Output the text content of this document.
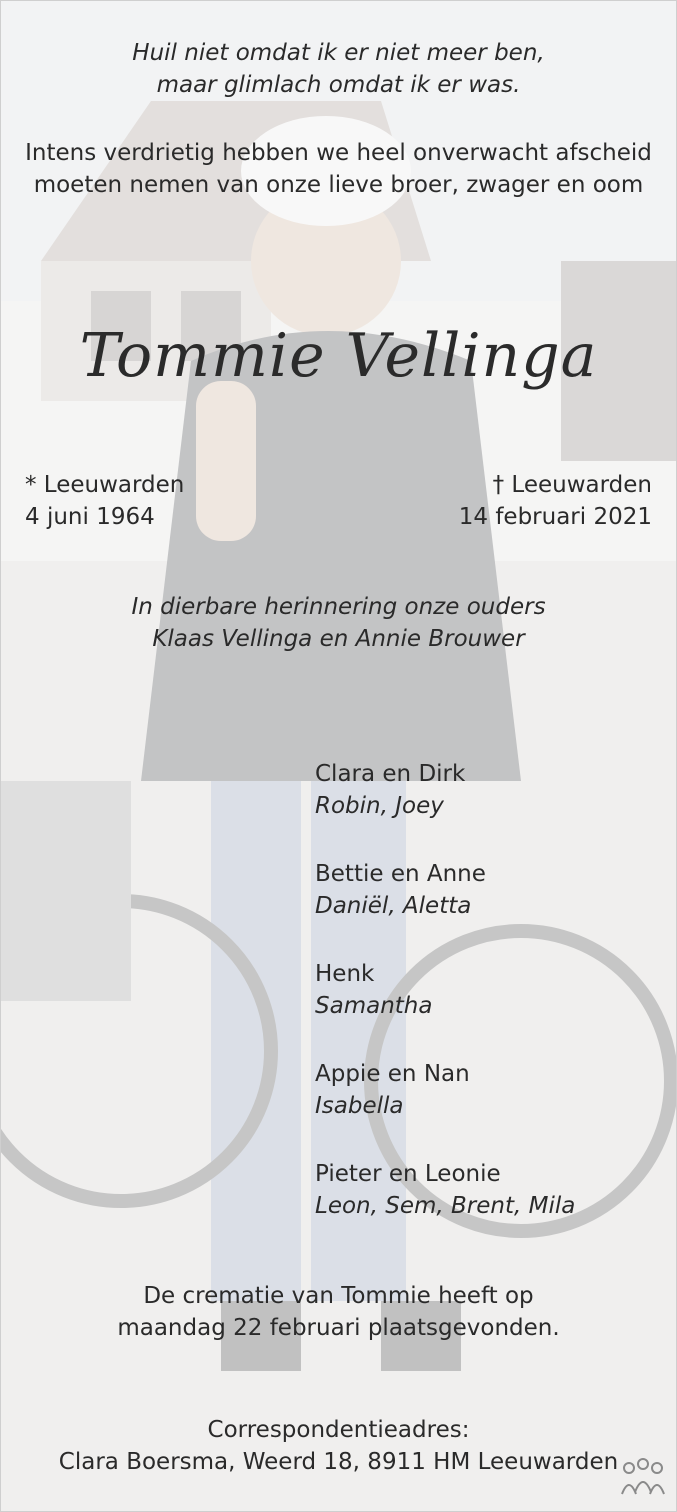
Huil niet omdat ik er niet meer ben,
maar glimlach omdat ik er was.
Intens verdrietig hebben we heel onverwacht afscheid
moeten nemen van onze lieve broer, zwager en oom
Tommie Vellinga
* Leeuwarden
4 juni 1964
† Leeuwarden
14 februari 2021
In dierbare herinnering onze ouders
Klaas Vellinga en Annie Brouwer
Clara en Dirk
Robin, Joey
Bettie en Anne
Daniël, Aletta
Henk
Samantha
Appie en Nan
Isabella
Pieter en Leonie
Leon, Sem, Brent, Mila
De crematie van Tommie heeft op
maandag 22 februari plaatsgevonden.
Correspondentieadres:
Clara Boersma, Weerd 18, 8911 HM Leeuwarden
